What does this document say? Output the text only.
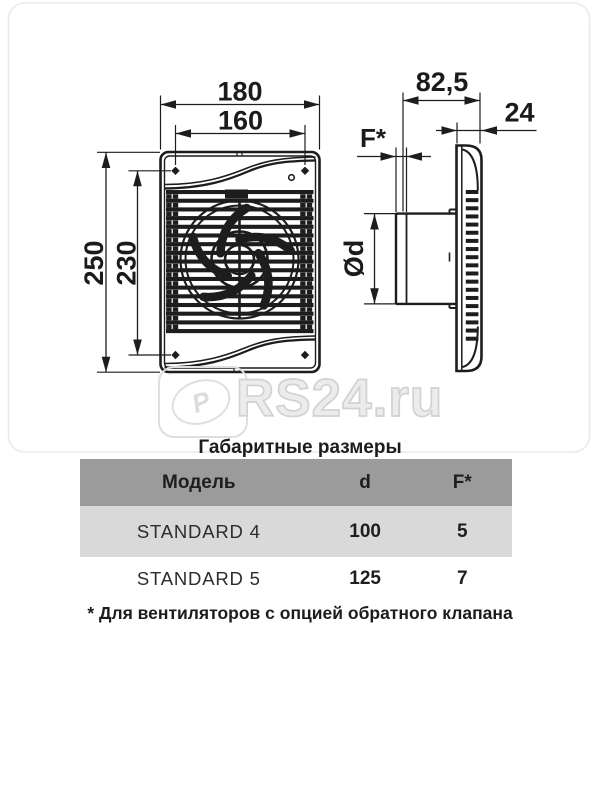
180
160
250 230
82,5
24
F*
Ød
Р RS24.ru
Габаритные размеры
Модель	d	F*
STANDARD 4	100	5
STANDARD 5	125	7
* Для вентиляторов с опцией обратного клапана
